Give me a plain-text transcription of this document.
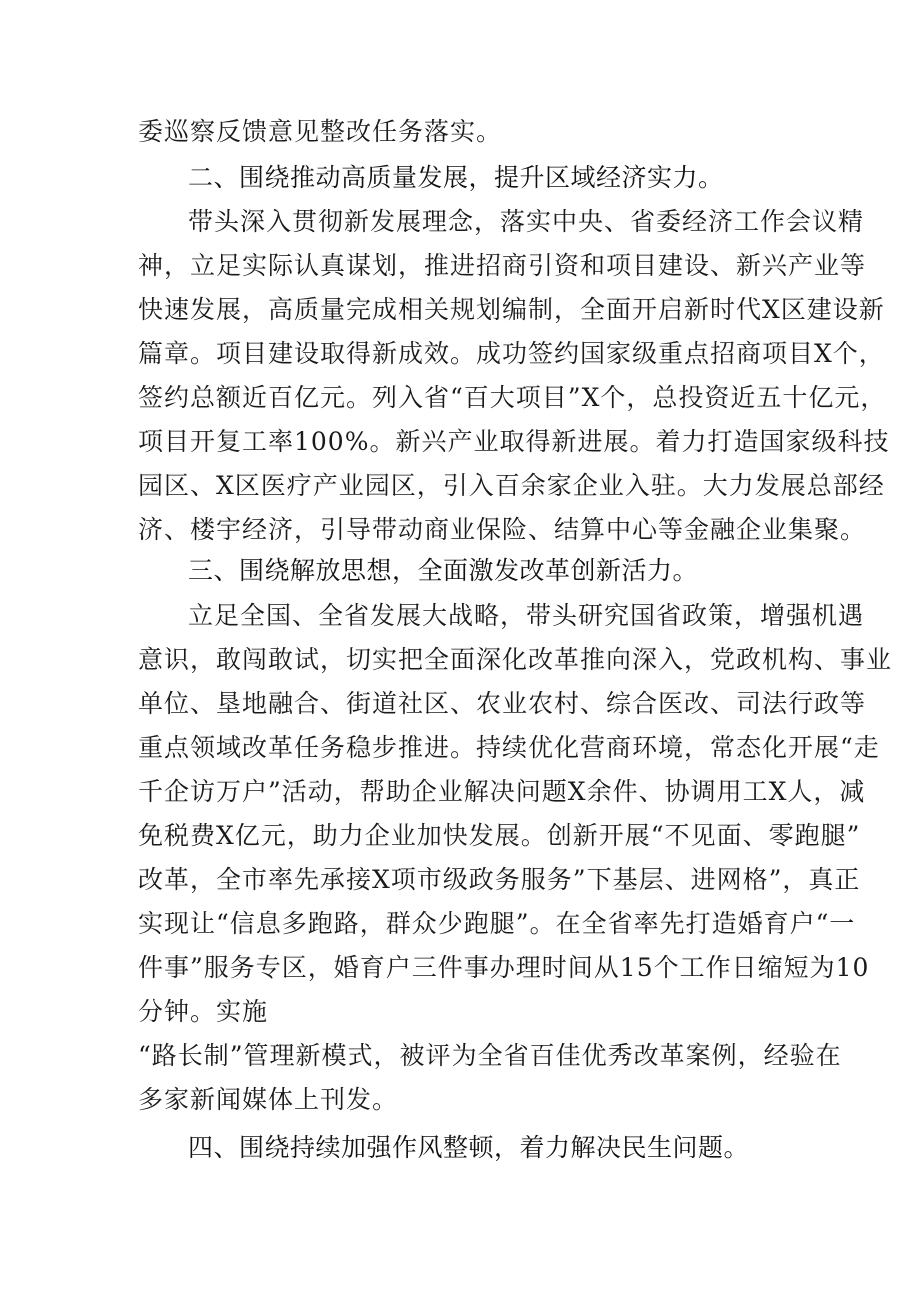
委巡察反馈意见整改任务落实。
二、围绕推动高质量发展，提升区域经济实力。
带头深入贯彻新发展理念，落实中央、省委经济工作会议精
神，立足实际认真谋划，推进招商引资和项目建设、新兴产业等
快速发展，高质量完成相关规划编制，全面开启新时代X区建设新
篇章。项目建设取得新成效。成功签约国家级重点招商项目X个，
签约总额近百亿元。列入省“百大项目”X个，总投资近五十亿元，
项目开复工率100%。新兴产业取得新进展。着力打造国家级科技
园区、X区医疗产业园区，引入百余家企业入驻。大力发展总部经
济、楼宇经济，引导带动商业保险、结算中心等金融企业集聚。
三、围绕解放思想，全面激发改革创新活力。
立足全国、全省发展大战略，带头研究国省政策，增强机遇
意识，敢闯敢试，切实把全面深化改革推向深入，党政机构、事业
单位、垦地融合、街道社区、农业农村、综合医改、司法行政等
重点领域改革任务稳步推进。持续优化营商环境，常态化开展“走
千企访万户”活动，帮助企业解决问题X余件、协调用工X人，减
免税费X亿元，助力企业加快发展。创新开展“不见面、零跑腿”
改革，全市率先承接X项市级政务服务”下基层、进网格”，真正
实现让“信息多跑路，群众少跑腿”。在全省率先打造婚育户“一
件事”服务专区，婚育户三件事办理时间从15个工作日缩短为10
分钟。实施
“路长制”管理新模式，被评为全省百佳优秀改革案例，经验在
多家新闻媒体上刊发。
四、围绕持续加强作风整顿，着力解决民生问题。
